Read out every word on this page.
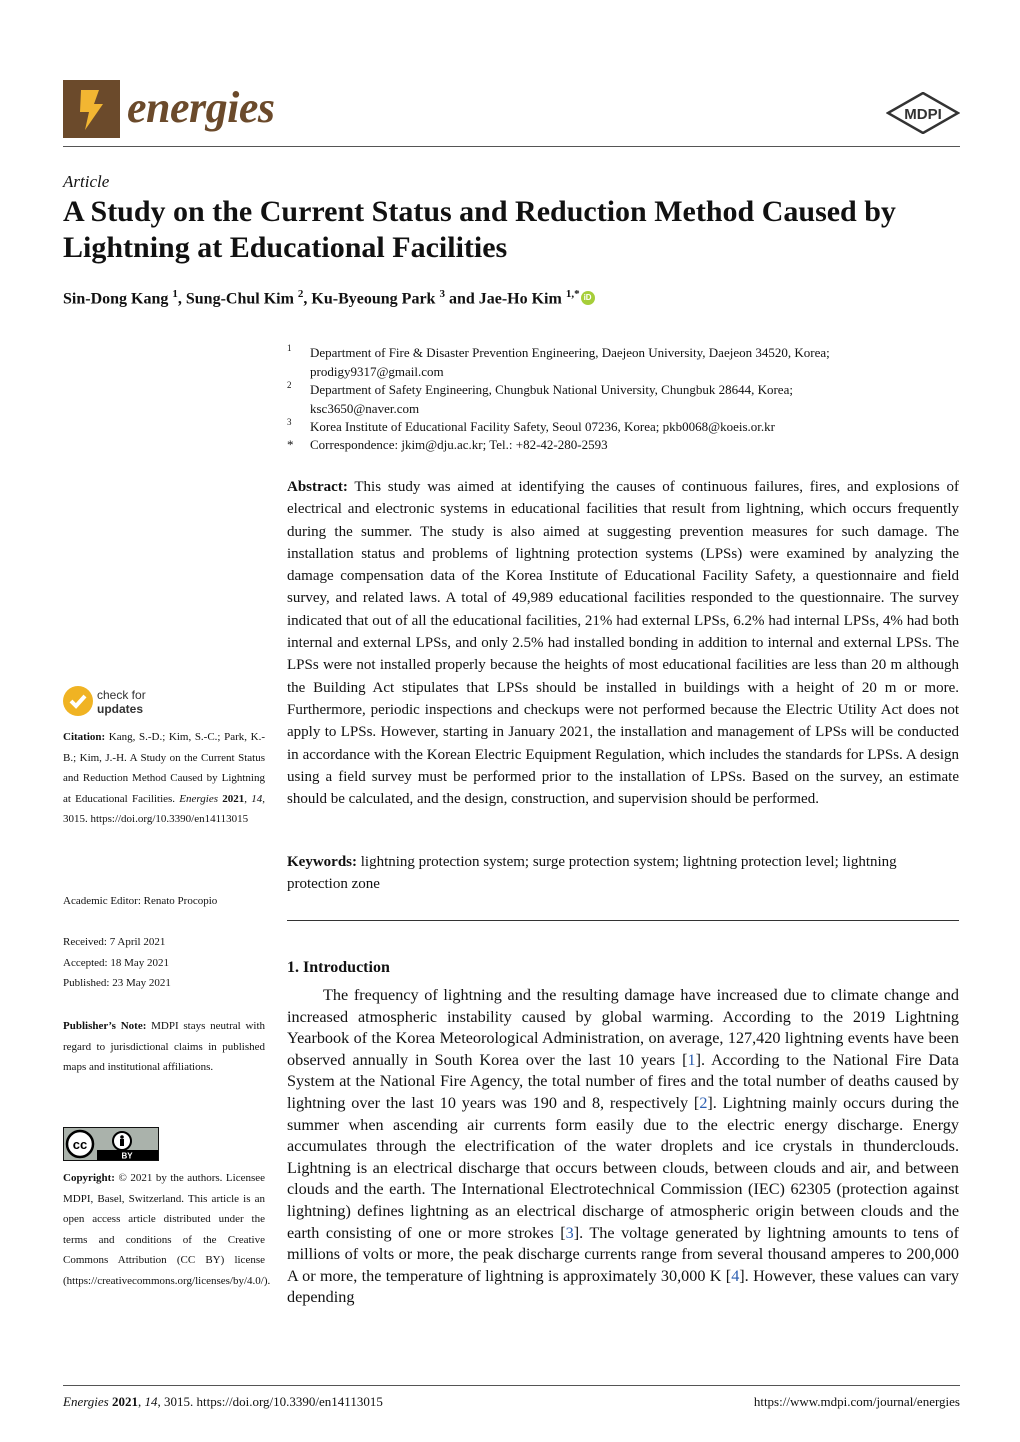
energies	MDPI
Article
A Study on the Current Status and Reduction Method Caused by Lightning at Educational Facilities
Sin-Dong Kang $^1$, Sung-Chul Kim $^2$, Ku-Byeoung Park $^3$ and Jae-Ho Kim $^{1,*}$ iD
1 Department of Fire & Disaster Prevention Engineering, Daejeon University, Daejeon 34520, Korea;
prodigy9317@gmail.com
2 Department of Safety Engineering, Chungbuk National University, Chungbuk 28644, Korea;
ksc3650@naver.com
3 Korea Institute of Educational Facility Safety, Seoul 07236, Korea; pkb0068@koeis.or.kr
* Correspondence: jkim@dju.ac.kr; Tel.: +82-42-280-2593
Abstract: This study was aimed at identifying the causes of continuous failures, fires, and explosions of electrical and electronic systems in educational facilities that result from lightning, which occurs frequently during the summer. The study is also aimed at suggesting prevention measures for such damage. The installation status and problems of lightning protection systems (LPSs) were examined by analyzing the damage compensation data of the Korea Institute of Educational Facility Safety, a questionnaire and field survey, and related laws. A total of 49,989 educational facilities responded to the questionnaire. The survey indicated that out of all the educational facilities, 21% had external LPSs, 6.2% had internal LPSs, 4% had both internal and external LPSs, and only 2.5% had installed bonding in addition to internal and external LPSs. The LPSs were not installed properly because the heights of most educational facilities are less than 20 m although the Building Act stipulates that LPSs should be installed in buildings with a height of 20 m or more. Furthermore, periodic inspections and checkups were not performed because the Electric Utility Act does not apply to LPSs. However, starting in January 2021, the installation and management of LPSs will be conducted in accordance with the Korean Electric Equipment Regulation, which includes the standards for LPSs. A design using a field survey must be performed prior to the installation of LPSs. Based on the survey, an estimate should be calculated, and the design, construction, and supervision should be performed.
Keywords: lightning protection system; surge protection system; lightning protection level; lightning protection zone
1. Introduction
The frequency of lightning and the resulting damage have increased due to climate change and increased atmospheric instability caused by global warming. According to the 2019 Lightning Yearbook of the Korea Meteorological Administration, on average, 127,420 lightning events have been observed annually in South Korea over the last 10 years [1]. According to the National Fire Data System at the National Fire Agency, the total number of fires and the total number of deaths caused by lightning over the last 10 years was 190 and 8, respectively [2]. Lightning mainly occurs during the summer when ascending air currents form easily due to the electric energy discharge. Energy accumulates through the electrification of the water droplets and ice crystals in thunderclouds. Lightning is an electrical discharge that occurs between clouds, between clouds and air, and between clouds and the earth. The International Electrotechnical Commission (IEC) 62305 (protection against lightning) defines lightning as an electrical discharge of atmospheric origin between clouds and the earth consisting of one or more strokes [3]. The voltage generated by lightning amounts to tens of millions of volts or more, the peak discharge currents range from several thousand amperes to 200,000 A or more, the temperature of lightning is approximately 30,000 K [4]. However, these values can vary depending
check for
updates
Citation: Kang, S.-D.; Kim, S.-C.; Park, K.-B.; Kim, J.-H. A Study on the Current Status and Reduction Method Caused by Lightning at Educational Facilities. Energies 2021, 14, 3015. https://doi.org/10.3390/en14113015
Academic Editor: Renato Procopio
Received: 7 April 2021
Accepted: 18 May 2021
Published: 23 May 2021
Publisher’s Note: MDPI stays neutral with regard to jurisdictional claims in published maps and institutional affiliations.
cc
BY
Copyright: © 2021 by the authors. Licensee MDPI, Basel, Switzerland. This article is an open access article distributed under the terms and conditions of the Creative Commons Attribution (CC BY) license (https://creativecommons.org/licenses/by/4.0/).
Energies 2021, 14, 3015. https://doi.org/10.3390/en14113015	https://www.mdpi.com/journal/energies
